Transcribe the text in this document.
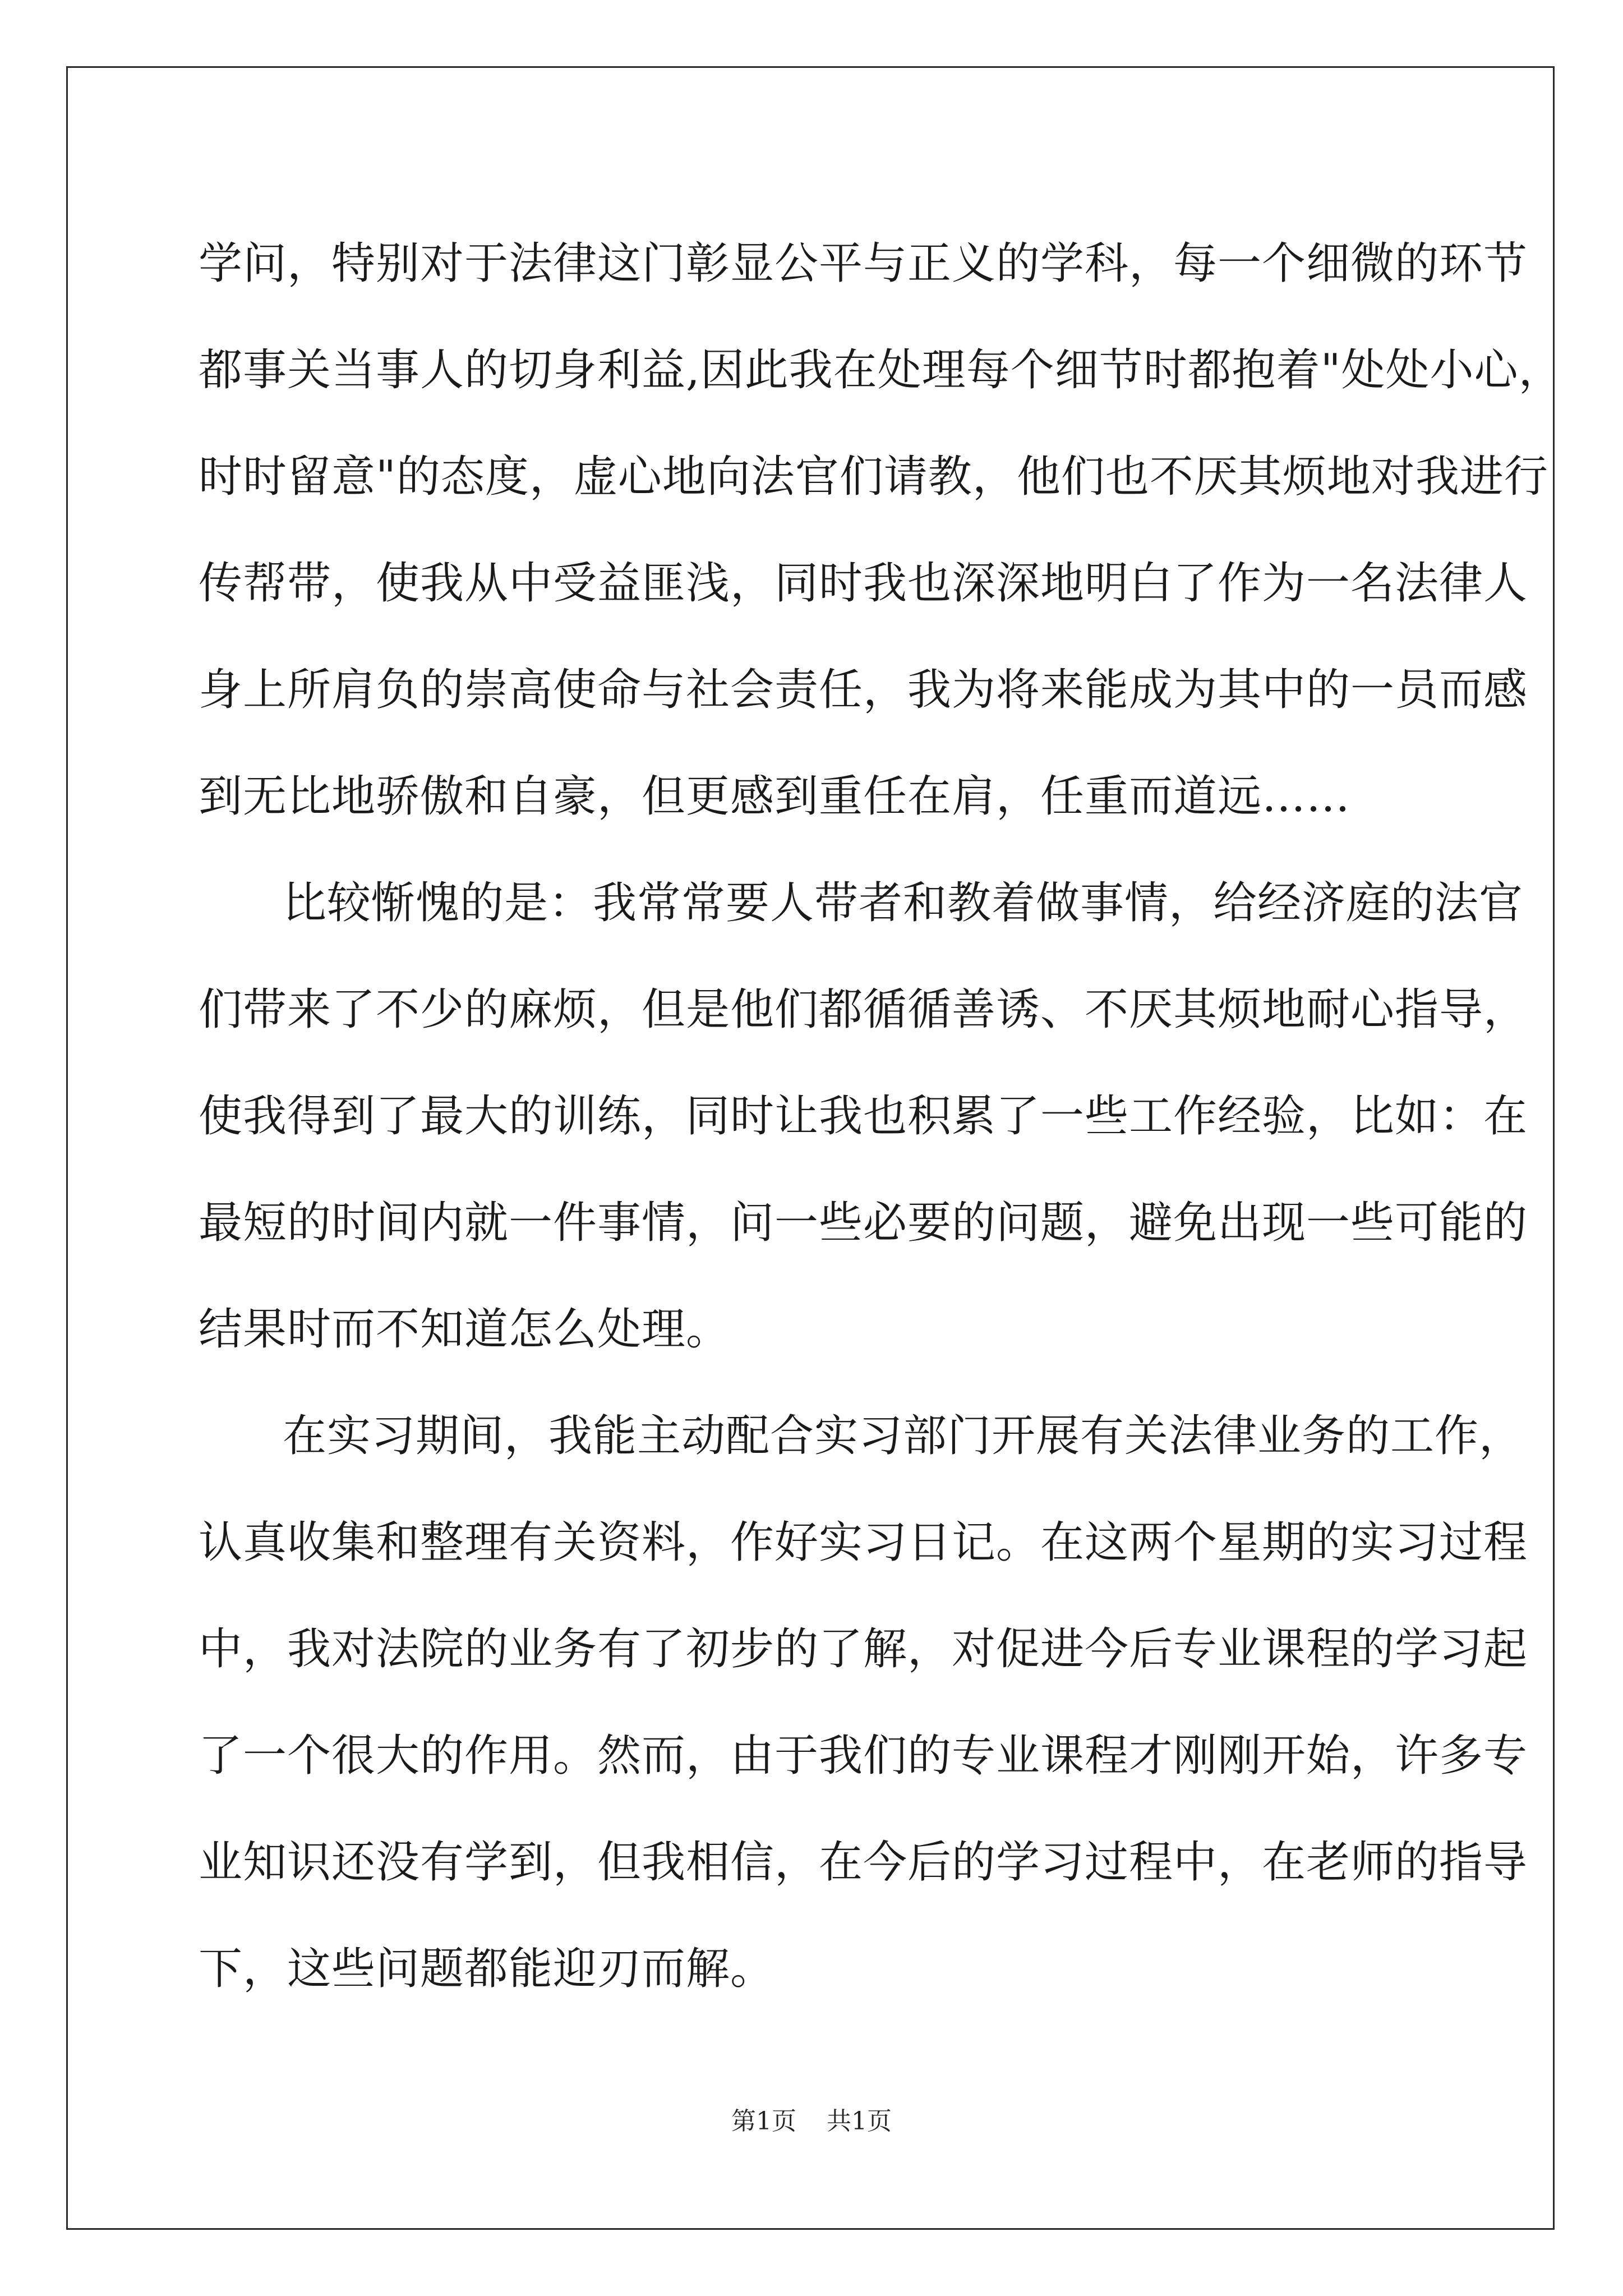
学问，特别对于法律这门彰显公平与正义的学科，每一个细微的环节
都事关当事人的切身利益,因此我在处理每个细节时都抱着"处处小心，
时时留意"的态度，虚心地向法官们请教，他们也不厌其烦地对我进行
传帮带，使我从中受益匪浅，同时我也深深地明白了作为一名法律人
身上所肩负的崇高使命与社会责任，我为将来能成为其中的一员而感
到无比地骄傲和自豪，但更感到重任在肩，任重而道远……
比较惭愧的是：我常常要人带者和教着做事情，给经济庭的法官
们带来了不少的麻烦，但是他们都循循善诱、不厌其烦地耐心指导，
使我得到了最大的训练，同时让我也积累了一些工作经验，比如：在
最短的时间内就一件事情，问一些必要的问题，避免出现一些可能的
结果时而不知道怎么处理。
在实习期间，我能主动配合实习部门开展有关法律业务的工作，
认真收集和整理有关资料，作好实习日记。在这两个星期的实习过程
中，我对法院的业务有了初步的了解，对促进今后专业课程的学习起
了一个很大的作用。然而，由于我们的专业课程才刚刚开始，许多专
业知识还没有学到，但我相信，在今后的学习过程中，在老师的指导
下，这些问题都能迎刃而解。
第1页 共1页
